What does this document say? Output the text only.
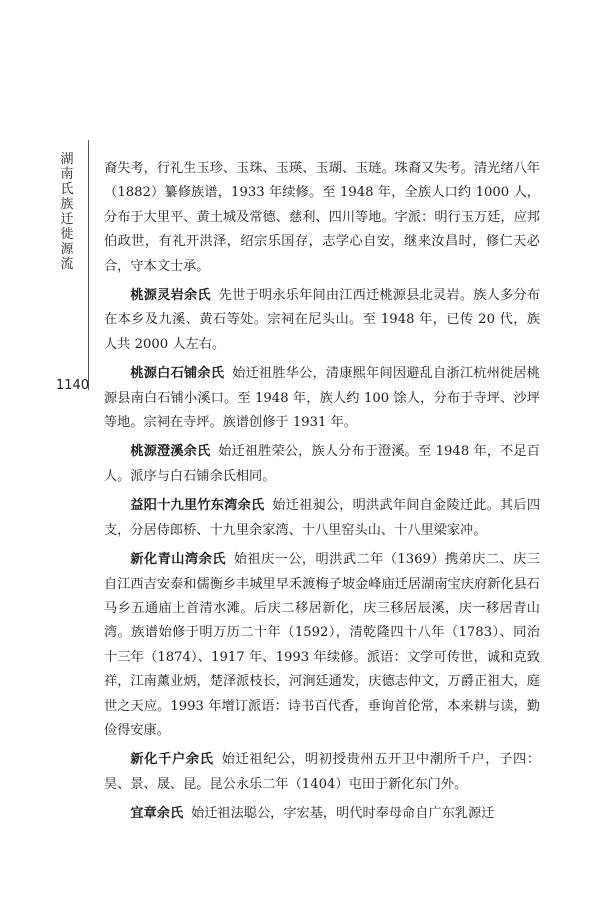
湖南氏族迁徙源流
1140

裔失考，行礼生玉珍、玉珠、玉瑛、玉瑚、玉琏。珠裔又失考。清光绪八年（1882）纂修族谱，1933 年续修。至 1948 年，全族人口约 1000 人，分布于大里平、黄土城及常德、慈利、四川等地。字派：明行玉万廷，应邦伯政世，有礼开洪泽，绍宗乐国存，志学心自安，继来汝昌时，修仁天必合，守本文士承。

桃源灵岩余氏 先世于明永乐年间由江西迁桃源县北灵岩。族人多分布在本乡及九溪、黄石等处。宗祠在尼头山。至 1948 年，已传 20 代，族人共 2000 人左右。

桃源白石铺余氏 始迁祖胜华公，清康熙年间因避乱自浙江杭州徙居桃源县南白石铺小溪口。至 1948 年，族人约 100 馀人，分布于寺坪、沙坪等地。宗祠在寺坪。族谱创修于 1931 年。

桃源澄溪余氏 始迁祖胜荣公，族人分布于澄溪。至 1948 年，不足百人。派序与白石铺余氏相同。

益阳十九里竹东湾余氏 始迁祖昶公，明洪武年间自金陵迁此。其后四支，分居侍郎桥、十九里余家湾、十八里窑头山、十八里梁家冲。

新化青山湾余氏 始祖庆一公，明洪武二年（1369）携弟庆二、庆三自江西吉安泰和儒衡乡丰城里早禾渡梅子坡金峰庙迁居湖南宝庆府新化县石马乡五通庙上首清水滩。后庆二移居新化，庆三移居辰溪，庆一移居青山湾。族谱始修于明万历二十年（1592），清乾隆四十八年（1783）、同治十三年（1874）、1917 年、1993 年续修。派语：文学可传世，诚和克致祥，江南薰业炳，楚泽派枝长，河涧廷通发，庆德志仲文，万爵正祖大，庭世之天应。1993 年增订派语：诗书百代香，垂询首伦常，本来耕与读，勤俭得安康。

新化千户余氏 始迁祖纪公，明初授贵州五开卫中潮所千户，子四：昊、景、晟、昆。昆公永乐二年（1404）屯田于新化东门外。

宜章余氏 始迁祖法聪公，字宏基，明代时奉母命自广东乳源迁
